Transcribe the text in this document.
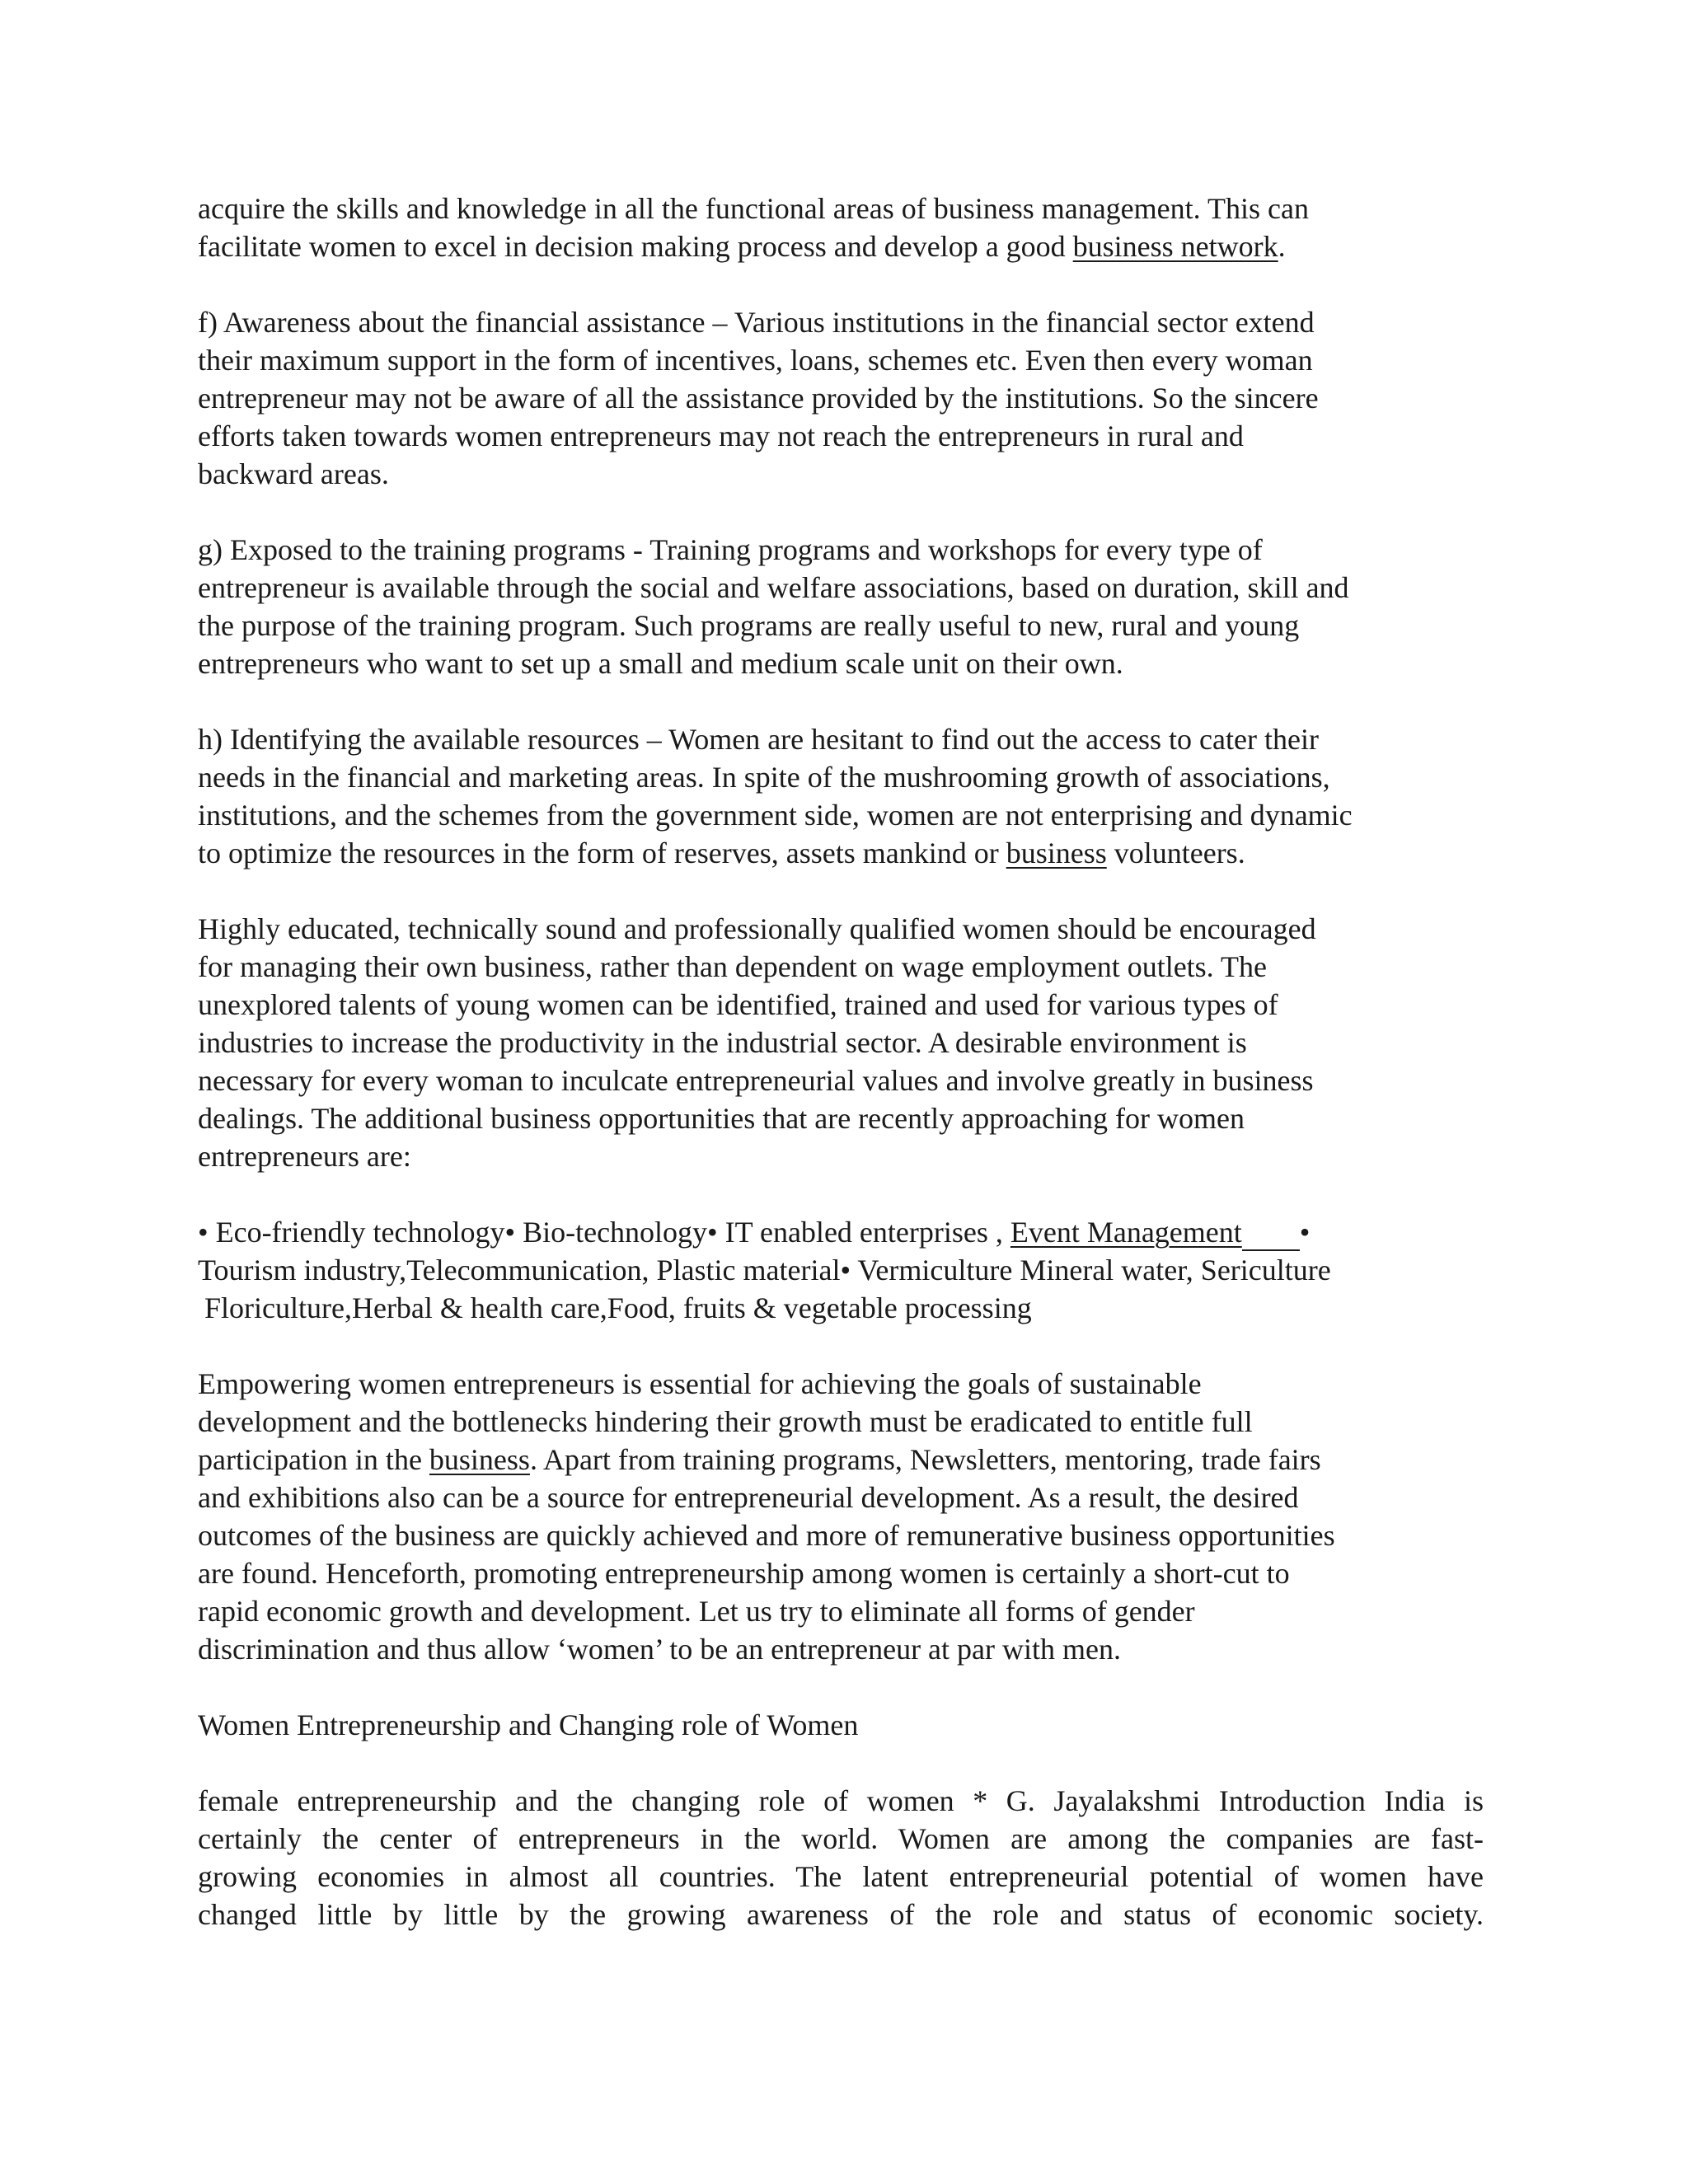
acquire the skills and knowledge in all the functional areas of business management. This can
facilitate women to excel in decision making process and develop a good business network.
f) Awareness about the financial assistance – Various institutions in the financial sector extend
their maximum support in the form of incentives, loans, schemes etc. Even then every woman
entrepreneur may not be aware of all the assistance provided by the institutions. So the sincere
efforts taken towards women entrepreneurs may not reach the entrepreneurs in rural and
backward areas.
g) Exposed to the training programs - Training programs and workshops for every type of
entrepreneur is available through the social and welfare associations, based on duration, skill and
the purpose of the training program. Such programs are really useful to new, rural and young
entrepreneurs who want to set up a small and medium scale unit on their own.
h) Identifying the available resources – Women are hesitant to find out the access to cater their
needs in the financial and marketing areas. In spite of the mushrooming growth of associations,
institutions, and the schemes from the government side, women are not enterprising and dynamic
to optimize the resources in the form of reserves, assets mankind or business volunteers.
Highly educated, technically sound and professionally qualified women should be encouraged
for managing their own business, rather than dependent on wage employment outlets. The
unexplored talents of young women can be identified, trained and used for various types of
industries to increase the productivity in the industrial sector. A desirable environment is
necessary for every woman to inculcate entrepreneurial values and involve greatly in business
dealings. The additional business opportunities that are recently approaching for women
entrepreneurs are:
• Eco-friendly technology• Bio-technology• IT enabled enterprises , Event Management •
Tourism industry,Telecommunication, Plastic material• Vermiculture Mineral water, Sericulture
Floriculture,Herbal & health care,Food, fruits & vegetable processing
Empowering women entrepreneurs is essential for achieving the goals of sustainable
development and the bottlenecks hindering their growth must be eradicated to entitle full
participation in the business. Apart from training programs, Newsletters, mentoring, trade fairs
and exhibitions also can be a source for entrepreneurial development. As a result, the desired
outcomes of the business are quickly achieved and more of remunerative business opportunities
are found. Henceforth, promoting entrepreneurship among women is certainly a short-cut to
rapid economic growth and development. Let us try to eliminate all forms of gender
discrimination and thus allow ‘women’ to be an entrepreneur at par with men.
Women Entrepreneurship and Changing role of Women
female entrepreneurship and the changing role of women * G. Jayalakshmi Introduction India is
certainly the center of entrepreneurs in the world. Women are among the companies are fast-
growing economies in almost all countries. The latent entrepreneurial potential of women have
changed little by little by the growing awareness of the role and status of economic society.
